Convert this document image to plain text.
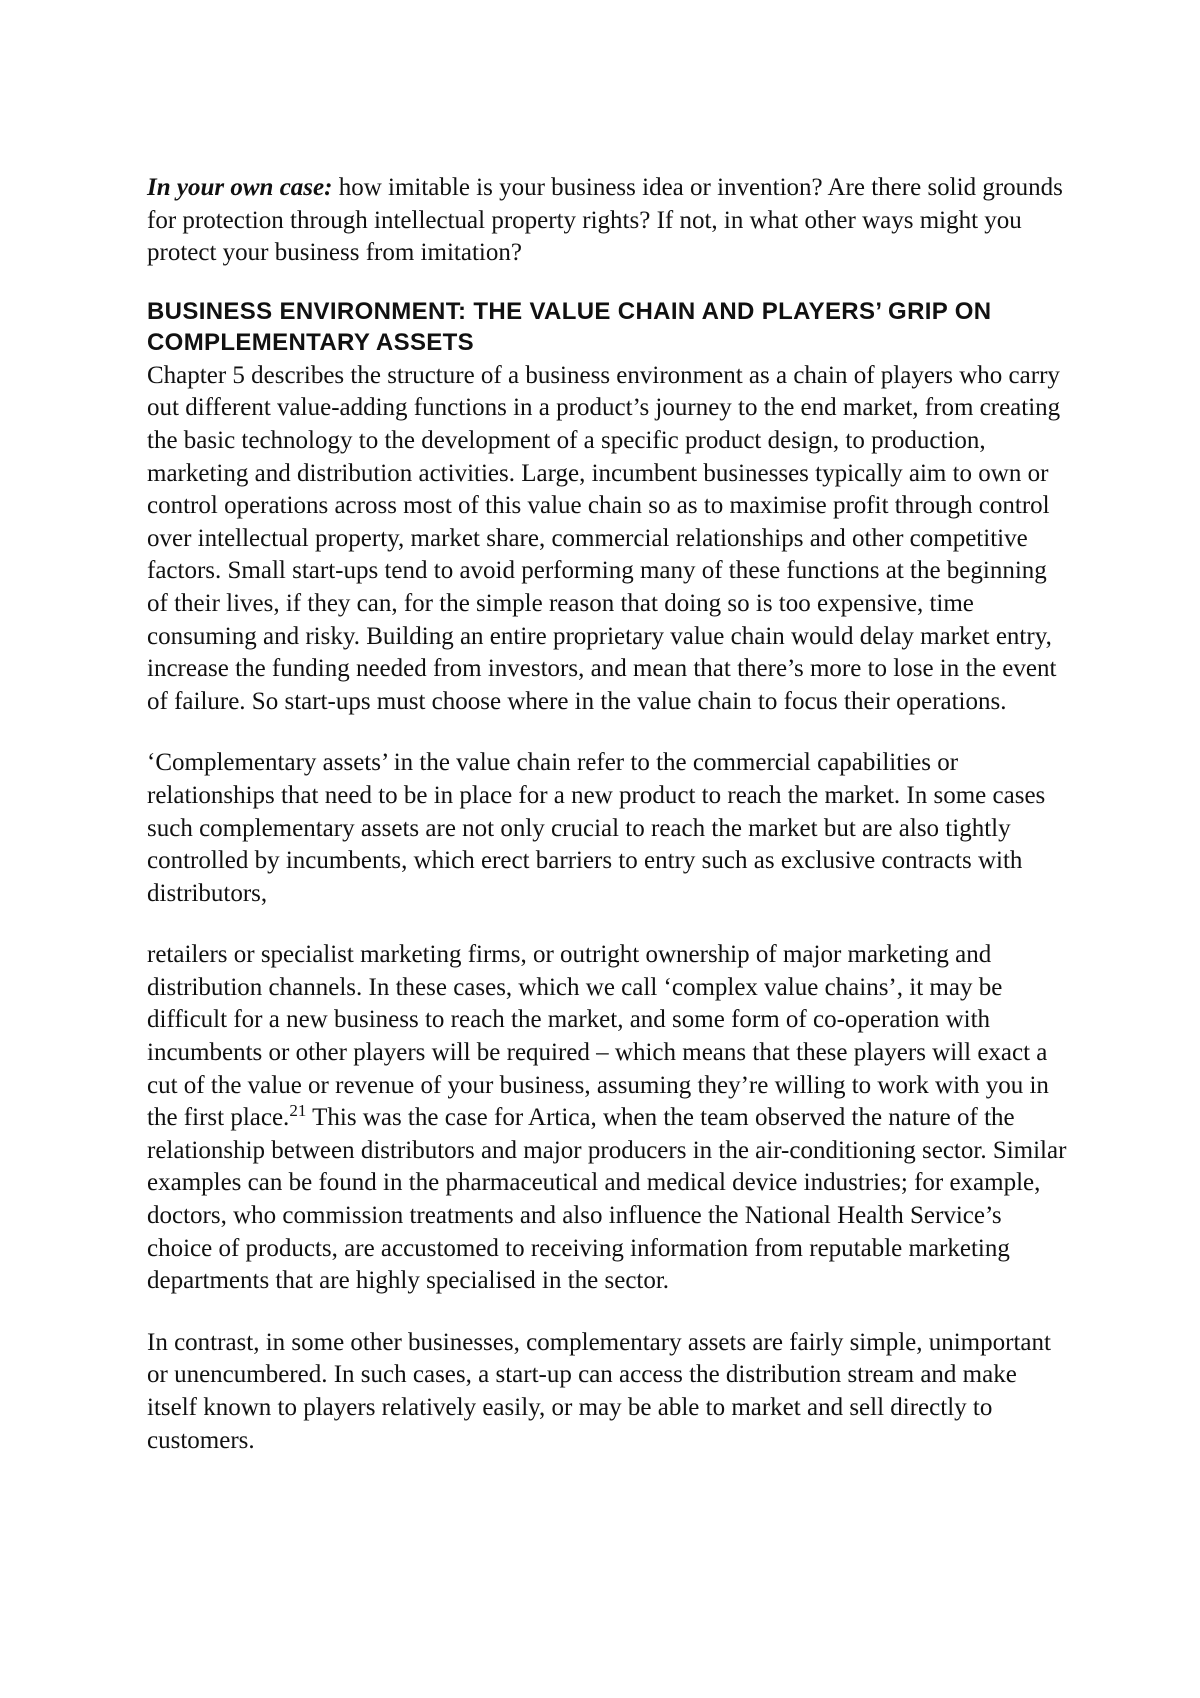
In your own case: how imitable is your business idea or invention? Are there solid grounds for protection through intellectual property rights? If not, in what other ways might you protect your business from imitation?

BUSINESS ENVIRONMENT: THE VALUE CHAIN AND PLAYERS’ GRIP ON COMPLEMENTARY ASSETS

Chapter 5 describes the structure of a business environment as a chain of players who carry out different value-adding functions in a product’s journey to the end market, from creating the basic technology to the development of a specific product design, to production, marketing and distribution activities. Large, incumbent businesses typically aim to own or control operations across most of this value chain so as to maximise profit through control over intellectual property, market share, commercial relationships and other competitive factors. Small start-ups tend to avoid performing many of these functions at the beginning of their lives, if they can, for the simple reason that doing so is too expensive, time consuming and risky. Building an entire proprietary value chain would delay market entry, increase the funding needed from investors, and mean that there’s more to lose in the event of failure. So start-ups must choose where in the value chain to focus their operations.

‘Complementary assets’ in the value chain refer to the commercial capabilities or relationships that need to be in place for a new product to reach the market. In some cases such complementary assets are not only crucial to reach the market but are also tightly controlled by incumbents, which erect barriers to entry such as exclusive contracts with distributors,

retailers or specialist marketing firms, or outright ownership of major marketing and distribution channels. In these cases, which we call ‘complex value chains’, it may be difficult for a new business to reach the market, and some form of co-operation with incumbents or other players will be required – which means that these players will exact a cut of the value or revenue of your business, assuming they’re willing to work with you in the first place.$^{21}$ This was the case for Artica, when the team observed the nature of the relationship between distributors and major producers in the air-conditioning sector. Similar examples can be found in the pharmaceutical and medical device industries; for example, doctors, who commission treatments and also influence the National Health Service’s choice of products, are accustomed to receiving information from reputable marketing departments that are highly specialised in the sector.

In contrast, in some other businesses, complementary assets are fairly simple, unimportant or unencumbered. In such cases, a start-up can access the distribution stream and make itself known to players relatively easily, or may be able to market and sell directly to customers.
